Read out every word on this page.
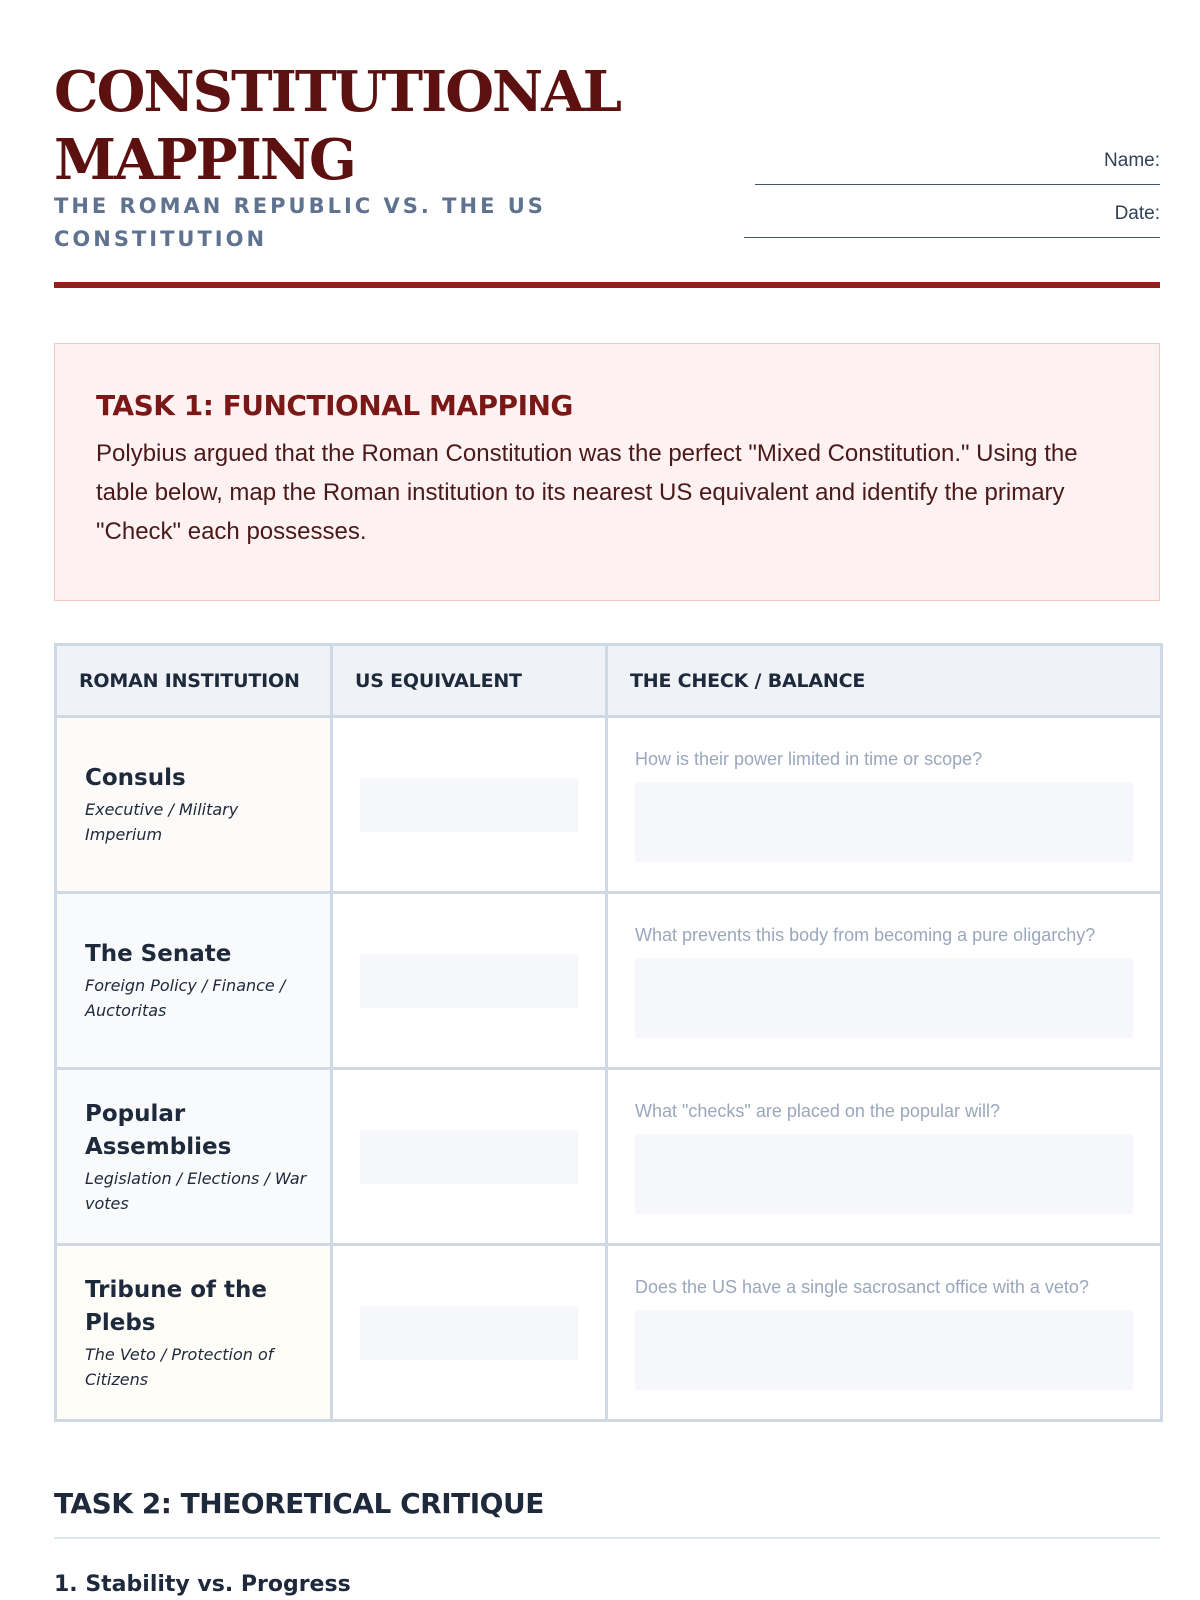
CONSTITUTIONAL
MAPPING
THE ROMAN REPUBLIC VS. THE US
CONSTITUTION
Name:
Date:
TASK 1: FUNCTIONAL MAPPING

Polybius argued that the Roman Constitution was the perfect "Mixed Constitution." Using the table below, map the Roman institution to its nearest US equivalent and identify the primary "Check" each possesses.

ROMAN INSTITUTION	US EQUIVALENT	THE CHECK / BALANCE

Consuls
Executive / Military Imperium		How is their power limited in time or scope?

The Senate
Foreign Policy / Finance / Auctoritas		What prevents this body from becoming a pure oligarchy?

Popular Assemblies
Legislation / Elections / War votes		What "checks" are placed on the popular will?

Tribune of the Plebs
The Veto / Protection of Citizens		Does the US have a single sacrosanct office with a veto?
TASK 2: THEORETICAL CRITIQUE
1. Stability vs. Progress
